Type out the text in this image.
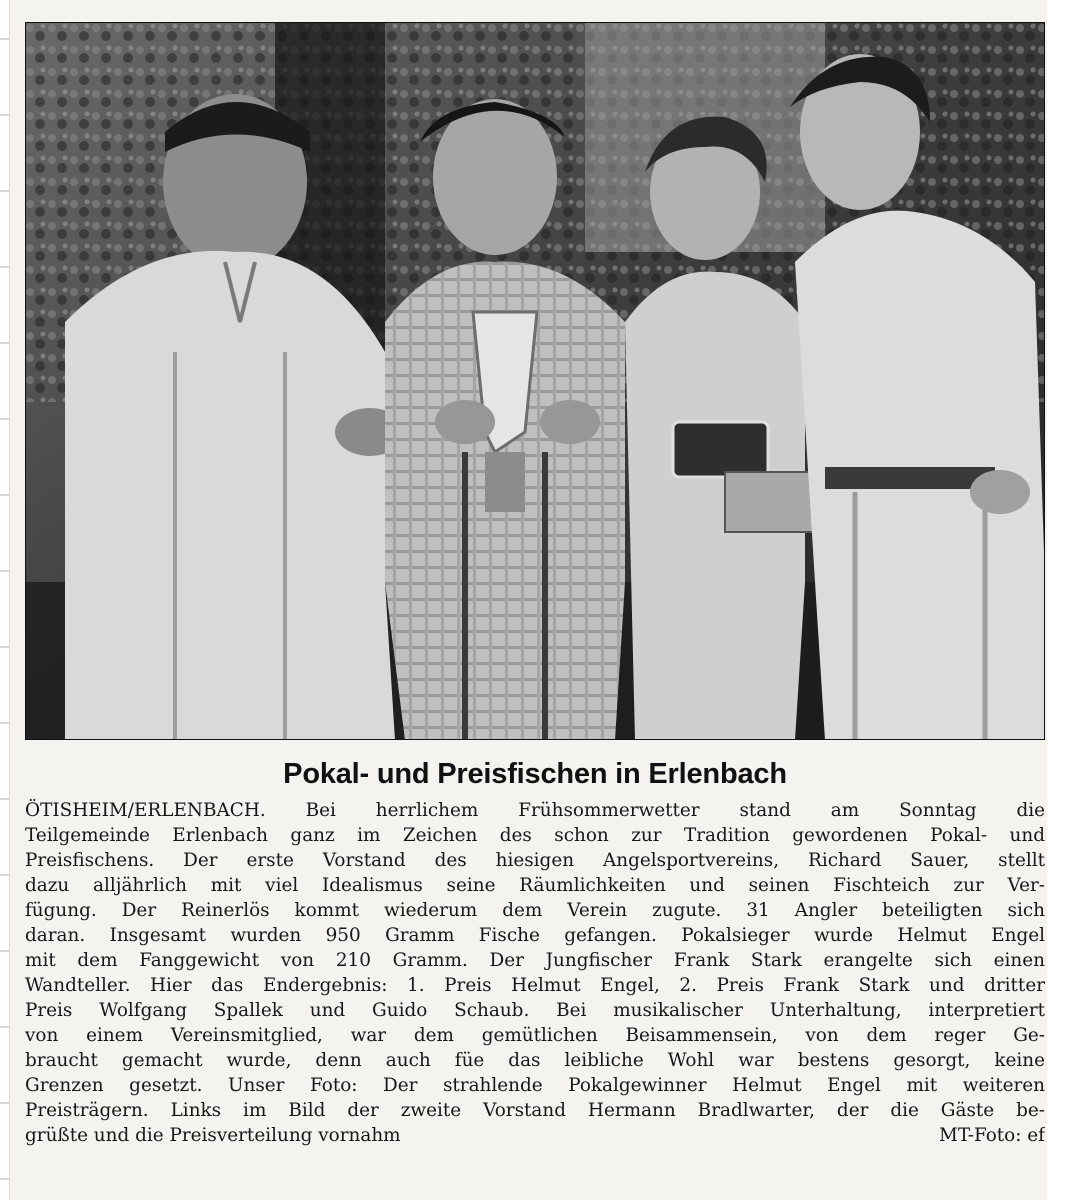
Pokal- und Preisfischen in Erlenbach
ÖTISHEIM/ERLENBACH. Bei herrlichem Frühsommerwetter stand am Sonntag die
Teilgemeinde Erlenbach ganz im Zeichen des schon zur Tradition gewordenen Pokal- und
Preisfischens. Der erste Vorstand des hiesigen Angelsportvereins, Richard Sauer, stellt
dazu alljährlich mit viel Idealismus seine Räumlichkeiten und seinen Fischteich zur Ver-
fügung. Der Reinerlös kommt wiederum dem Verein zugute. 31 Angler beteiligten sich
daran. Insgesamt wurden 950 Gramm Fische gefangen. Pokalsieger wurde Helmut Engel
mit dem Fanggewicht von 210 Gramm. Der Jungfischer Frank Stark erangelte sich einen
Wandteller. Hier das Endergebnis: 1. Preis Helmut Engel, 2. Preis Frank Stark und dritter
Preis Wolfgang Spallek und Guido Schaub. Bei musikalischer Unterhaltung, interpretiert
von einem Vereinsmitglied, war dem gemütlichen Beisammensein, von dem reger Ge-
braucht gemacht wurde, denn auch füe das leibliche Wohl war bestens gesorgt, keine
Grenzen gesetzt. Unser Foto: Der strahlende Pokalgewinner Helmut Engel mit weiteren
Preisträgern. Links im Bild der zweite Vorstand Hermann Bradlwarter, der die Gäste be-
grüßte und die Preisverteilung vornahm	MT-Foto: ef
